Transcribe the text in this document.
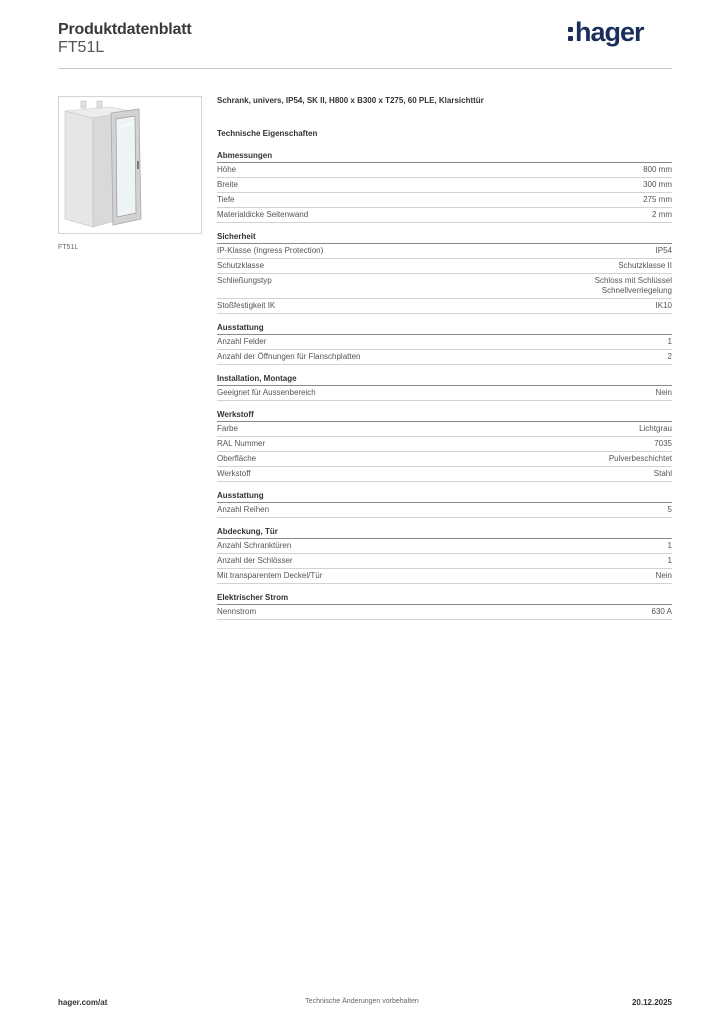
Produktdatenblatt
FT51L
hager
FT51L
Schrank, univers, IP54, SK II, H800 x B300 x T275, 60 PLE, Klarsichttür
Technische Eigenschaften
Abmessungen
Höhe	800 mm
Breite	300 mm
Tiefe	275 mm
Materialdicke Seitenwand	2 mm
Sicherheit
IP-Klasse (Ingress Protection)	IP54
Schutzklasse	Schutzklasse II
Schließungstyp	Schloss mit Schlüssel
Schnellverriegelung
Stoßfestigkeit IK	IK10
Ausstattung
Anzahl Felder	1
Anzahl der Öffnungen für Flanschplatten	2
Installation, Montage
Geeignet für Aussenbereich	Nein
Werkstoff
Farbe	Lichtgrau
RAL Nummer	7035
Oberfläche	Pulverbeschichtet
Werkstoff	Stahl
Ausstattung
Anzahl Reihen	5
Abdeckung, Tür
Anzahl Schranktüren	1
Anzahl der Schlösser	1
Mit transparentem Deckel/Tür	Nein
Elektrischer Strom
Nennstrom	630 A
hager.com/at	Technische Änderungen vorbehalten	20.12.2025
